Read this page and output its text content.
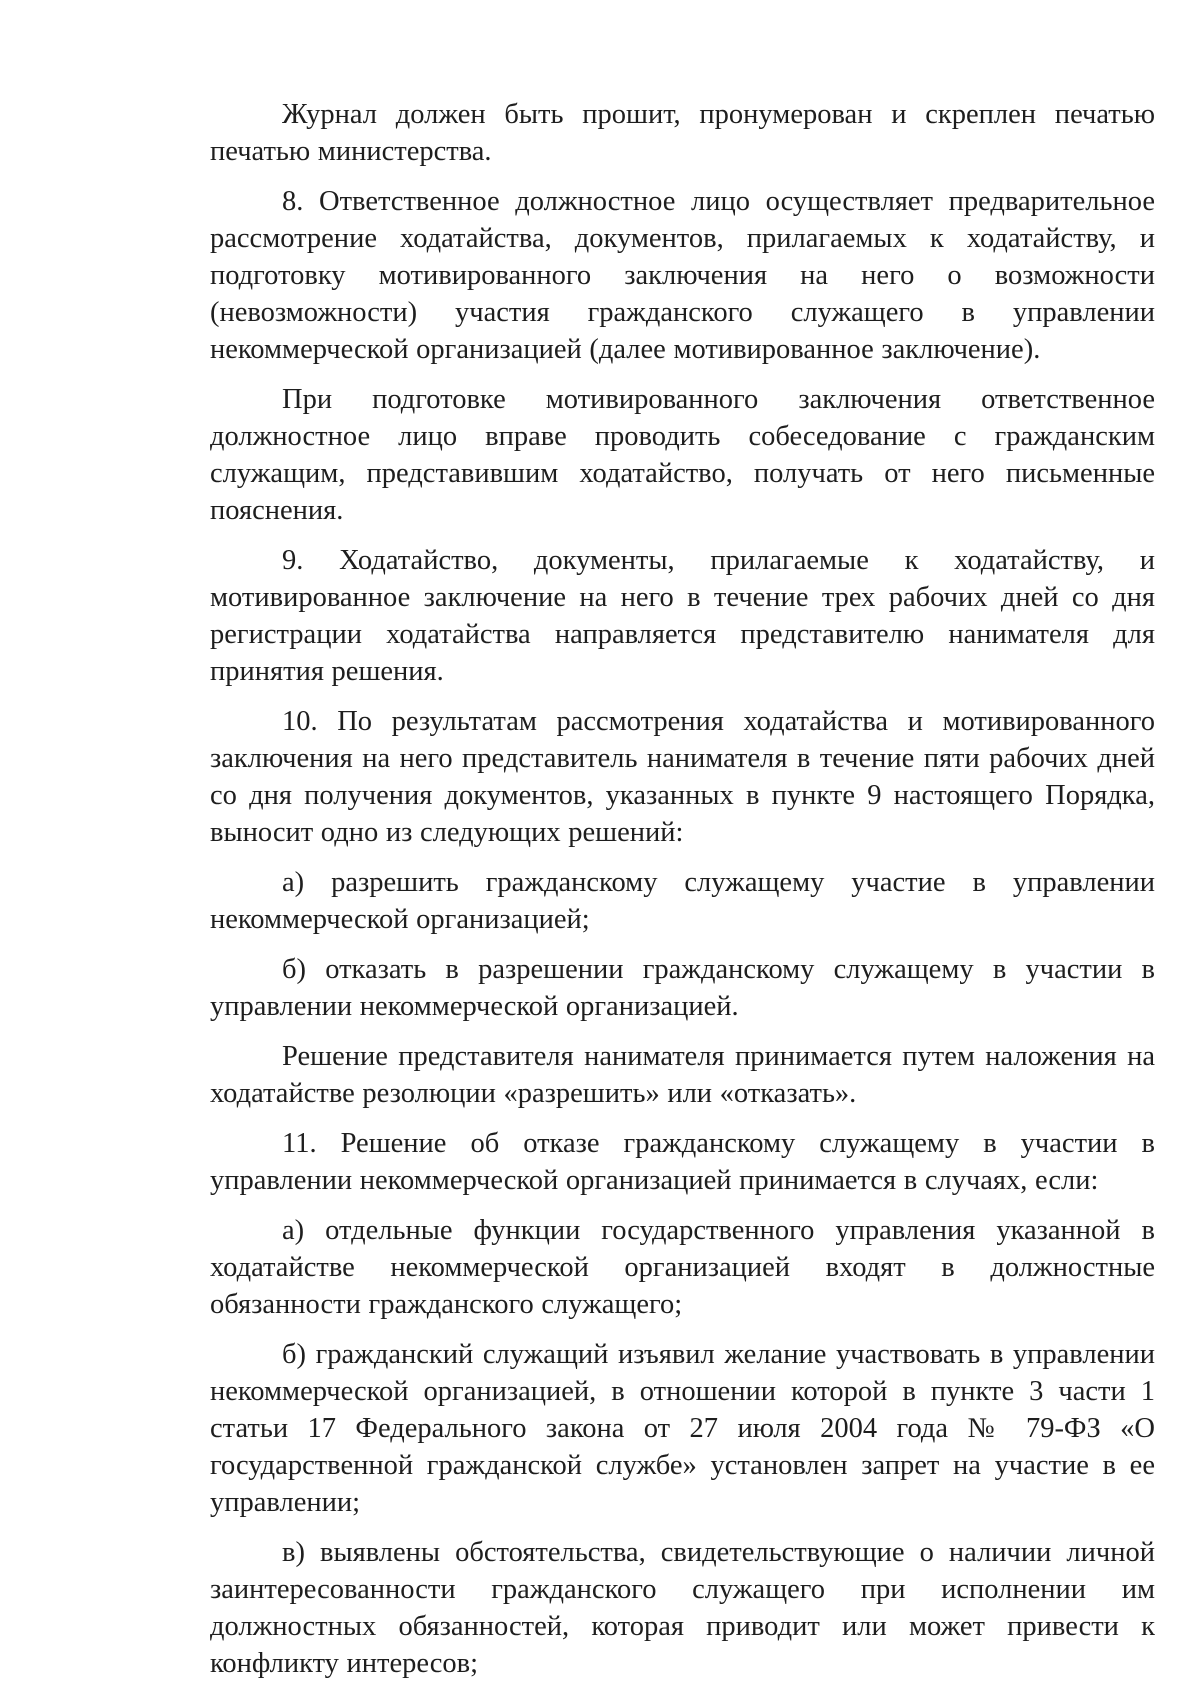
Журнал должен быть прошит, пронумерован и скреплен печатью печатью министерства.

8. Ответственное должностное лицо осуществляет предварительное рассмотрение ходатайства, документов, прилагаемых к ходатайству, и подготовку мотивированного заключения на него о возможности (невозможности) участия гражданского служащего в управлении некоммерческой организацией (далее мотивированное заключение).

При подготовке мотивированного заключения ответственное должностное лицо вправе проводить собеседование с гражданским служащим, представившим ходатайство, получать от него письменные пояснения.

9. Ходатайство, документы, прилагаемые к ходатайству, и мотивированное заключение на него в течение трех рабочих дней со дня регистрации ходатайства направляется представителю нанимателя для принятия решения.

10. По результатам рассмотрения ходатайства и мотивированного заключения на него представитель нанимателя в течение пяти рабочих дней со дня получения документов, указанных в пункте 9 настоящего Порядка, выносит одно из следующих решений:

а) разрешить гражданскому служащему участие в управлении некоммерческой организацией;

б) отказать в разрешении гражданскому служащему в участии в управлении некоммерческой организацией.

Решение представителя нанимателя принимается путем наложения на ходатайстве резолюции «разрешить» или «отказать».

11. Решение об отказе гражданскому служащему в участии в управлении некоммерческой организацией принимается в случаях, если:

а) отдельные функции государственного управления указанной в ходатайстве некоммерческой организацией входят в должностные обязанности гражданского служащего;

б) гражданский служащий изъявил желание участвовать в управлении некоммерческой организацией, в отношении которой в пункте 3 части 1 статьи 17 Федерального закона от 27 июля 2004 года № 79-ФЗ «О государственной гражданской службе» установлен запрет на участие в ее управлении;

в) выявлены обстоятельства, свидетельствующие о наличии личной заинтересованности гражданского служащего при исполнении им должностных обязанностей, которая приводит или может привести к конфликту интересов;
